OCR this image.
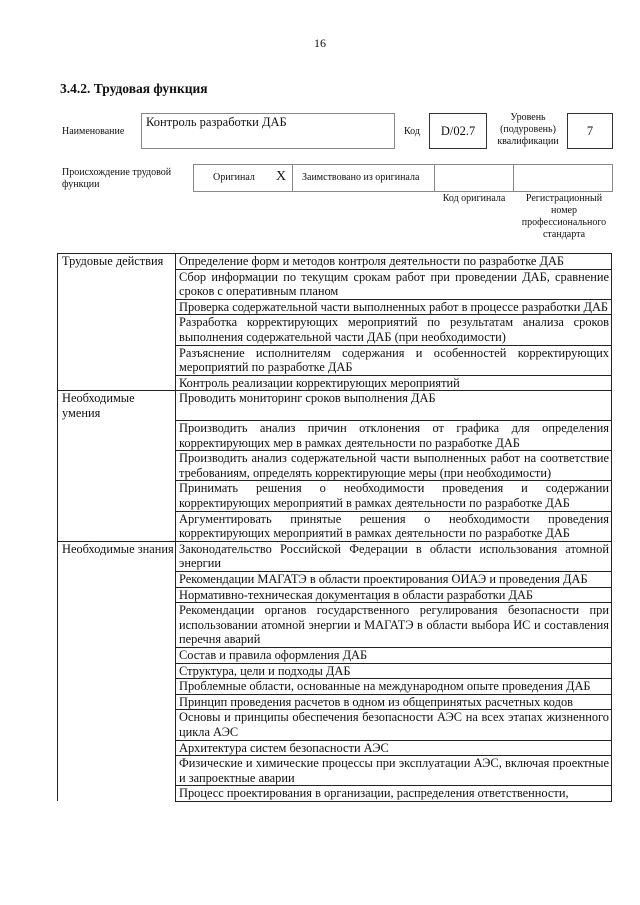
16
3.4.2. Трудовая функция
Наименование
Контроль разработки ДАБ
Код	D/02.7
Уровень (подуровень) квалификации
7
Происхождение трудовой функции
Оригинал X Заимствовано из оригинала
Код оригинала	Регистрационный номер профессионального стандарта
Трудовые действия	Определение форм и методов контроля деятельности по разработке ДАБ
	Сбор информации по текущим срокам работ при проведении ДАБ, сравнение сроков с оперативным планом
	Проверка содержательной части выполненных работ в процессе разработки ДАБ
	Разработка корректирующих мероприятий по результатам анализа сроков выполнения содержательной части ДАБ (при необходимости)
	Разъяснение исполнителям содержания и особенностей корректирующих мероприятий по разработке ДАБ
	Контроль реализации корректирующих мероприятий
Необходимые умения	Проводить мониторинг сроков выполнения ДАБ
	Производить анализ причин отклонения от графика для определения корректирующих мер в рамках деятельности по разработке ДАБ
	Производить анализ содержательной части выполненных работ на соответствие требованиям, определять корректирующие меры (при необходимости)
	Принимать решения о необходимости проведения и содержании корректирующих мероприятий в рамках деятельности по разработке ДАБ
	Аргументировать принятые решения о необходимости проведения корректирующих мероприятий в рамках деятельности по разработке ДАБ
Необходимые знания	Законодательство Российской Федерации в области использования атомной энергии
	Рекомендации МАГАТЭ в области проектирования ОИАЭ и проведения ДАБ
	Нормативно-техническая документация в области разработки ДАБ
	Рекомендации органов государственного регулирования безопасности при использовании атомной энергии и МАГАТЭ в области выбора ИС и составления перечня аварий
	Состав и правила оформления ДАБ
	Структура, цели и подходы ДАБ
	Проблемные области, основанные на международном опыте проведения ДАБ
	Принцип проведения расчетов в одном из общепринятых расчетных кодов
	Основы и принципы обеспечения безопасности АЭС на всех этапах жизненного цикла АЭС
	Архитектура систем безопасности АЭС
	Физические и химические процессы при эксплуатации АЭС, включая проектные и запроектные аварии
	Процесс проектирования в организации, распределения ответственности,
